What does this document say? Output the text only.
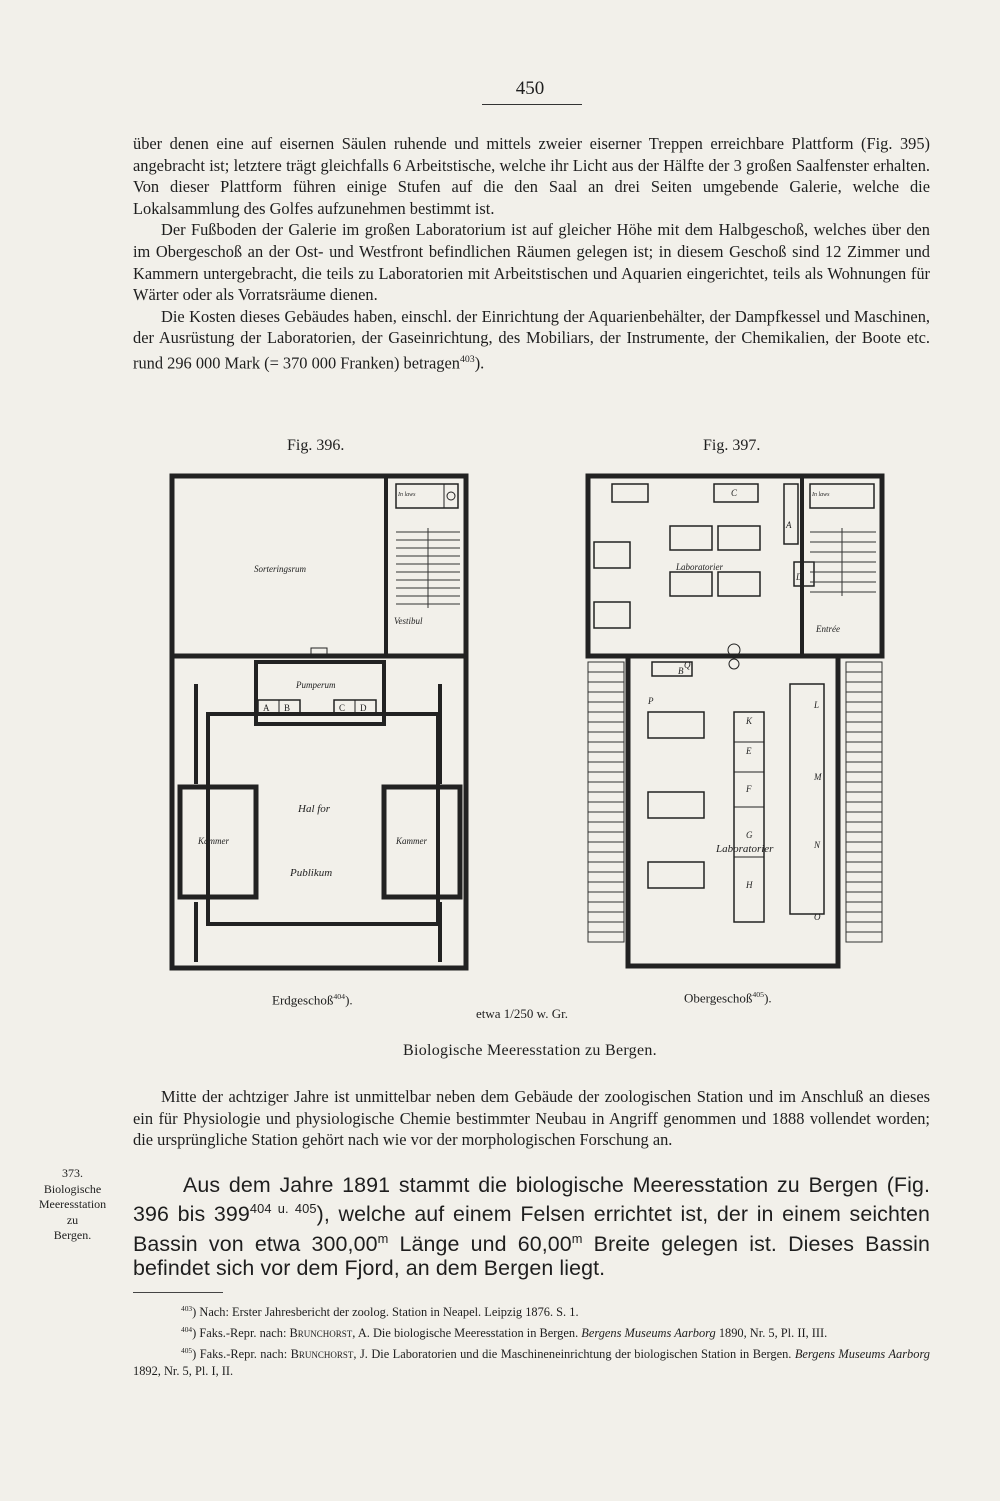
450

über denen eine auf eisernen Säulen ruhende und mittels zweier eiserner Treppen erreichbare Plattform (Fig. 395) angebracht ist; letztere trägt gleichfalls 6 Arbeitstische, welche ihr Licht aus der Hälfte der 3 großen Saalfenster erhalten. Von dieser Plattform führen einige Stufen auf die den Saal an drei Seiten umgebende Galerie, welche die Lokalsammlung des Golfes aufzunehmen bestimmt ist.

Der Fußboden der Galerie im großen Laboratorium ist auf gleicher Höhe mit dem Halbgeschoß, welches über den im Obergeschoß an der Ost- und Westfront befindlichen Räumen gelegen ist; in diesem Geschoß sind 12 Zimmer und Kammern untergebracht, die teils zu Laboratorien mit Arbeitstischen und Aquarien eingerichtet, teils als Wohnungen für Wärter oder als Vorratsräume dienen.

Die Kosten dieses Gebäudes haben, einschl. der Einrichtung der Aquarienbehälter, der Dampfkessel und Maschinen, der Ausrüstung der Laboratorien, der Gaseinrichtung, des Mobiliars, der Instrumente, der Chemikalien, der Boote etc. rund 296 000 Mark (= 370 000 Franken) betragen$^{403}$).

Fig. 396.	Fig. 397.
Sorteringsrum
Vestibul
Pumperum
Hal for
Publikum
Kammer	Kammer
In laws
A B	C D
Laboratorier
Entrée
Laboratorier
In laws
A
B
C
D
E
F
G
H
K
L
M
N
O
P
Q
Erdgeschoß$^{404}$).	Obergeschoß$^{405}$).
etwa 1/250 w. Gr.
Biologische Meeresstation zu Bergen.

Mitte der achtziger Jahre ist unmittelbar neben dem Gebäude der zoologischen Station und im Anschluß an dieses ein für Physiologie und physiologische Chemie bestimmter Neubau in Angriff genommen und 1888 vollendet worden; die ursprüngliche Station gehört nach wie vor der morphologischen Forschung an.

373.
Biologische
Meeresstation
zu
Bergen.
Aus dem Jahre 1891 stammt die biologische Meeresstation zu Bergen (Fig. 396 bis $399^{404 u. 405}$), welche auf einem Felsen errichtet ist, der in einem seichten Bassin von etwa 300,00$^m$ Länge und 60,00$^m$ Breite gelegen ist. Dieses Bassin befindet sich vor dem Fjord, an dem Bergen liegt.

$^{403}$) Nach: Erster Jahresbericht der zoolog. Station in Neapel. Leipzig 1876. S. 1.

$^{404}$) Faks.-Repr. nach: Brunchorst, A. Die biologische Meeresstation in Bergen. Bergens Museums Aarborg 1890, Nr. 5, Pl. II, III.

$^{405}$) Faks.-Repr. nach: Brunchorst, J. Die Laboratorien und die Maschineneinrichtung der biologischen Station in Bergen. Bergens Museums Aarborg 1892, Nr. 5, Pl. I, II.
